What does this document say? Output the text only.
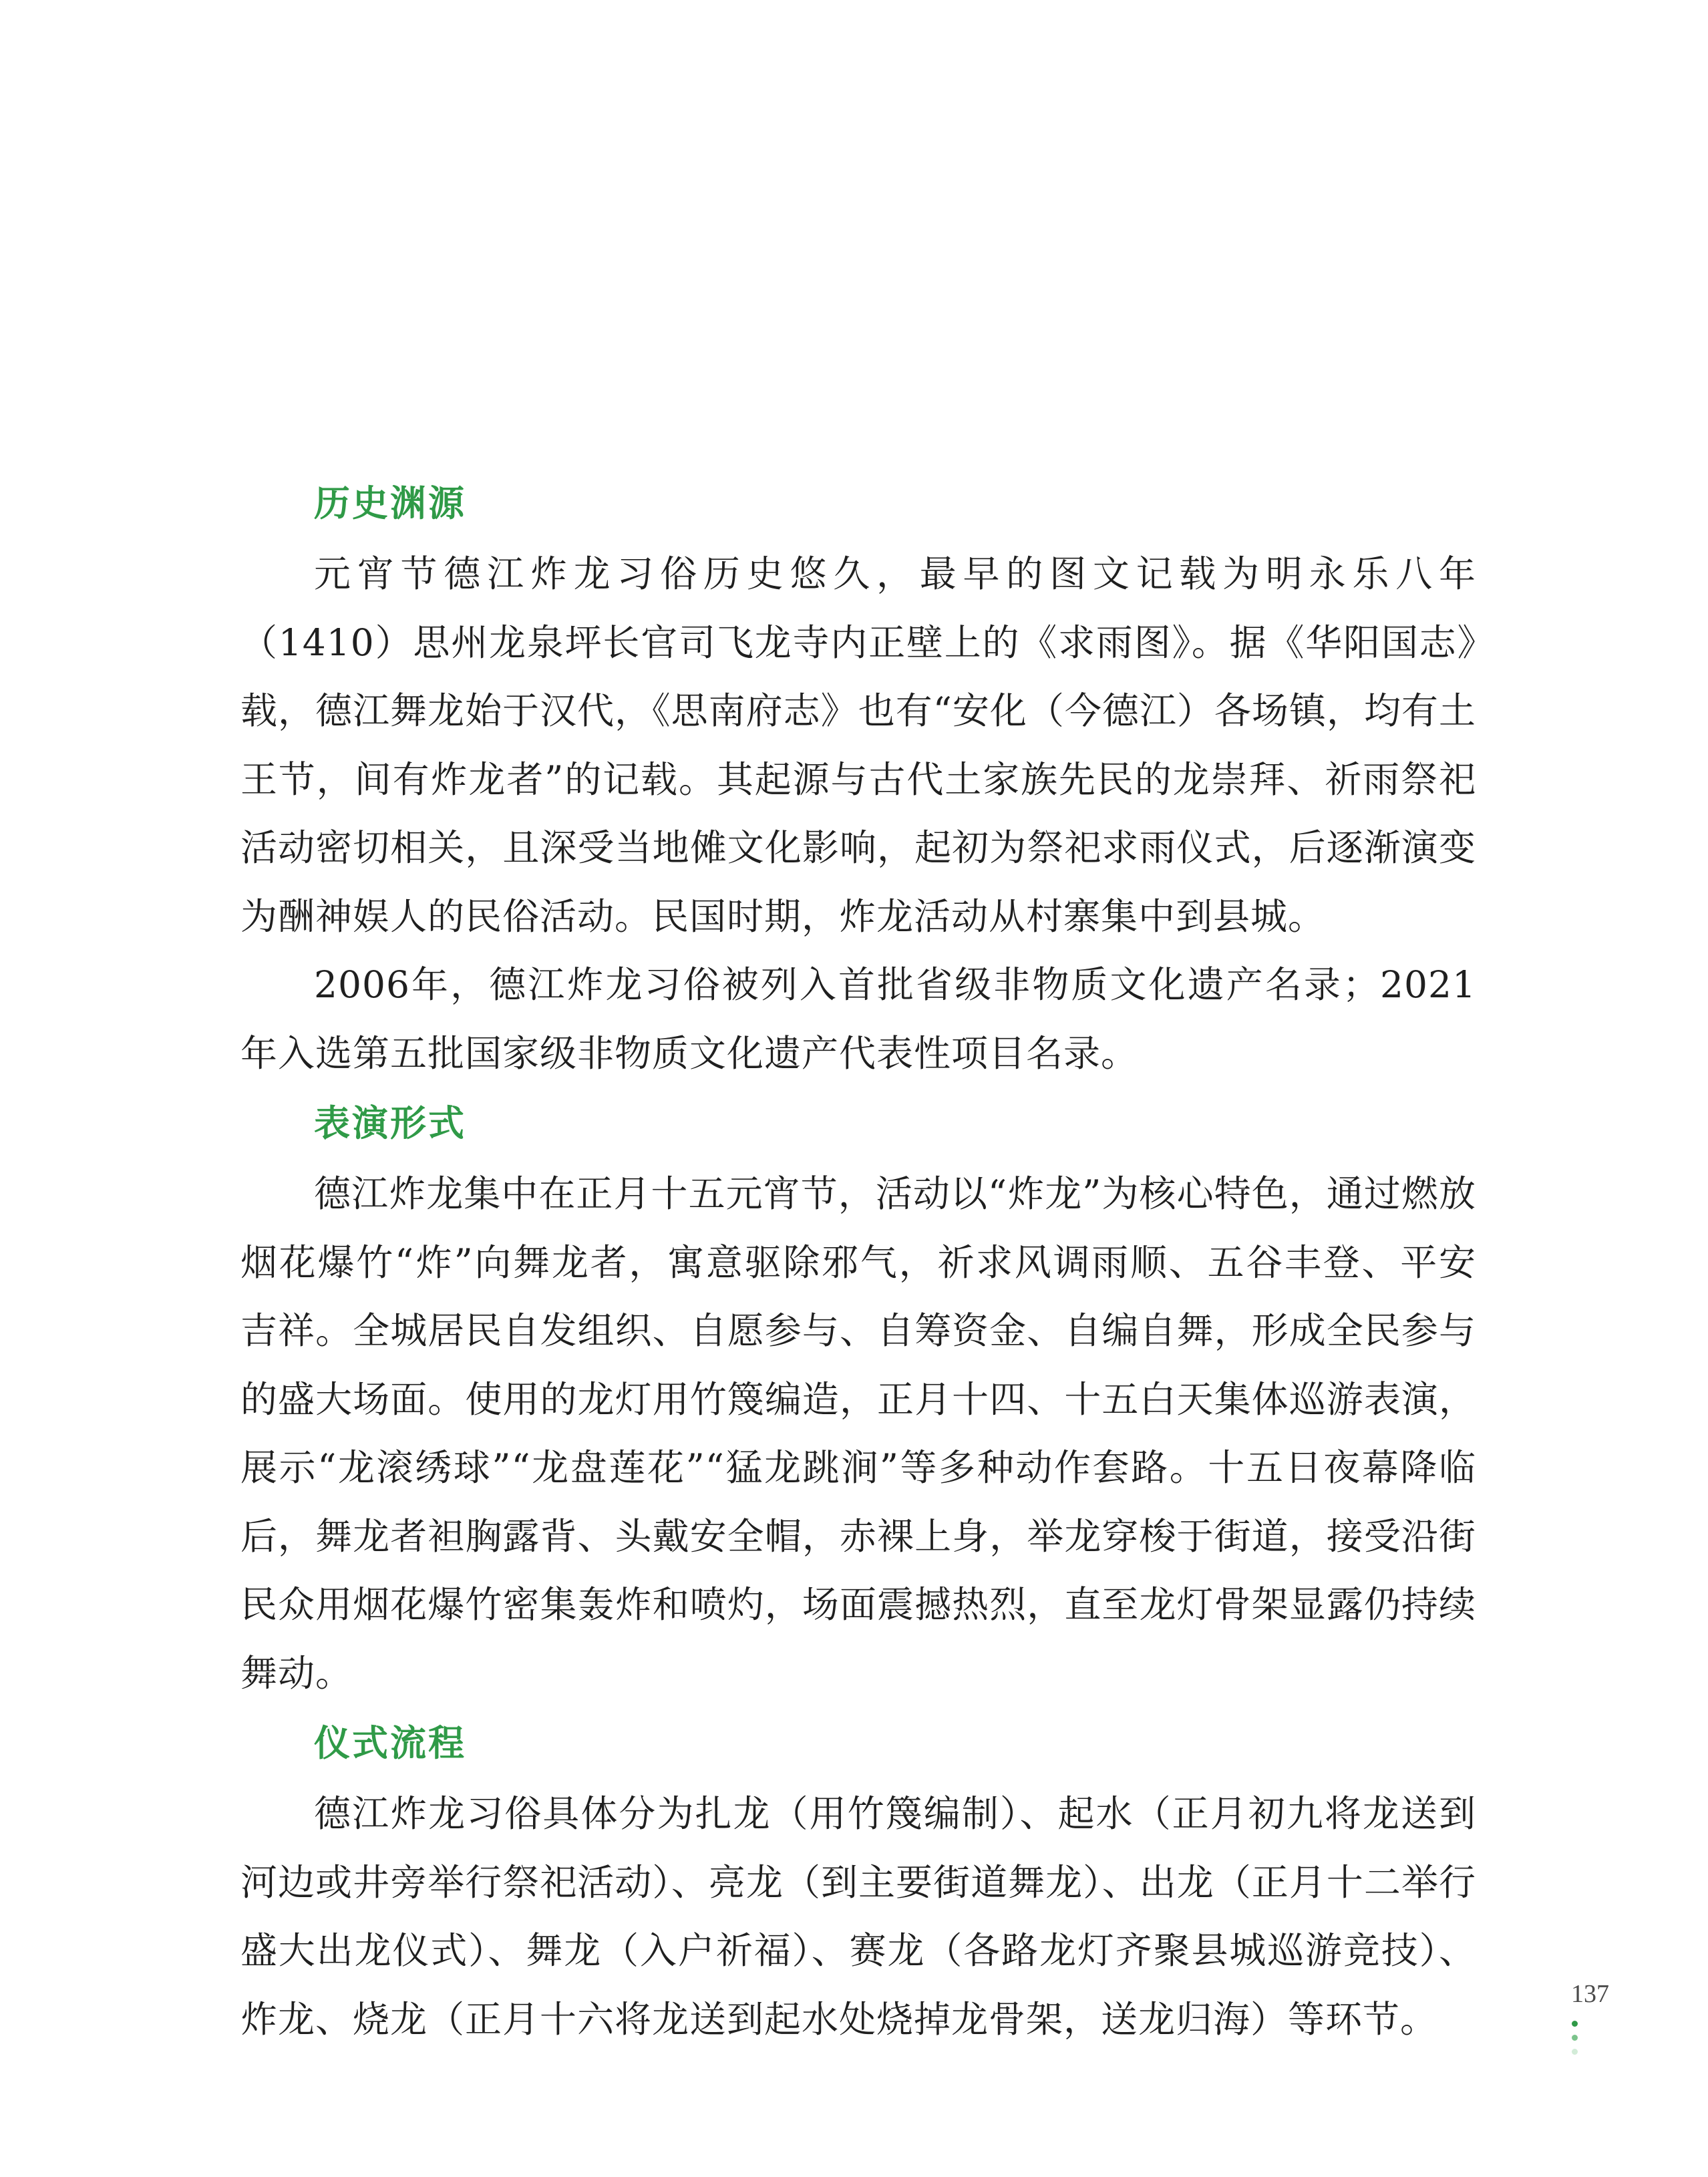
历史渊源

元宵节德江炸龙习俗历史悠久，最早的图文记载为明永乐八年（1410）思州龙泉坪长官司飞龙寺内正壁上的《求雨图》。据《华阳国志》载，德江舞龙始于汉代，《思南府志》也有“安化（今德江）各场镇，均有土王节，间有炸龙者”的记载。其起源与古代土家族先民的龙崇拜、祈雨祭祀活动密切相关，且深受当地傩文化影响，起初为祭祀求雨仪式，后逐渐演变为酬神娱人的民俗活动。民国时期，炸龙活动从村寨集中到县城。

2006年，德江炸龙习俗被列入首批省级非物质文化遗产名录；2021年入选第五批国家级非物质文化遗产代表性项目名录。

表演形式

德江炸龙集中在正月十五元宵节，活动以“炸龙”为核心特色，通过燃放烟花爆竹“炸”向舞龙者，寓意驱除邪气，祈求风调雨顺、五谷丰登、平安吉祥。全城居民自发组织、自愿参与、自筹资金、自编自舞，形成全民参与的盛大场面。使用的龙灯用竹篾编造，正月十四、十五白天集体巡游表演，展示“龙滚绣球”“龙盘莲花”“猛龙跳涧”等多种动作套路。十五日夜幕降临后，舞龙者袒胸露背、头戴安全帽，赤裸上身，举龙穿梭于街道，接受沿街民众用烟花爆竹密集轰炸和喷灼，场面震撼热烈，直至龙灯骨架显露仍持续舞动。

仪式流程

德江炸龙习俗具体分为扎龙（用竹篾编制）、起水（正月初九将龙送到河边或井旁举行祭祀活动）、亮龙（到主要街道舞龙）、出龙（正月十二举行盛大出龙仪式）、舞龙（入户祈福）、赛龙（各路龙灯齐聚县城巡游竞技）、炸龙、烧龙（正月十六将龙送到起水处烧掉龙骨架，送龙归海）等环节。

137
